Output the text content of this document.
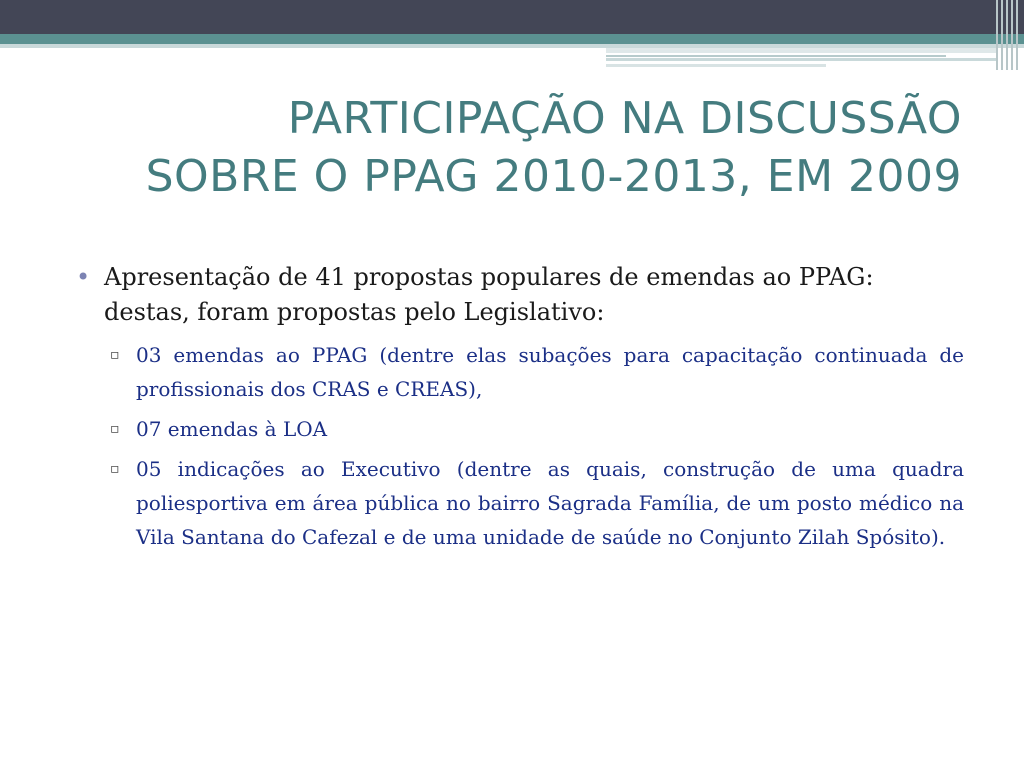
PARTICIPAÇÃO NA DISCUSSÃO
SOBRE O PPAG 2010-2013, EM 2009
• Apresentação de 41 propostas populares de emendas ao PPAG: destas, foram propostas pelo Legislativo:
▫ 03 emendas ao PPAG (dentre elas subações para capacitação continuada de profissionais dos CRAS e CREAS),
▫ 07 emendas à LOA
▫ 05 indicações ao Executivo (dentre as quais, construção de uma quadra poliesportiva em área pública no bairro Sagrada Família, de um posto médico na Vila Santana do Cafezal e de uma unidade de saúde no Conjunto Zilah Spósito).
